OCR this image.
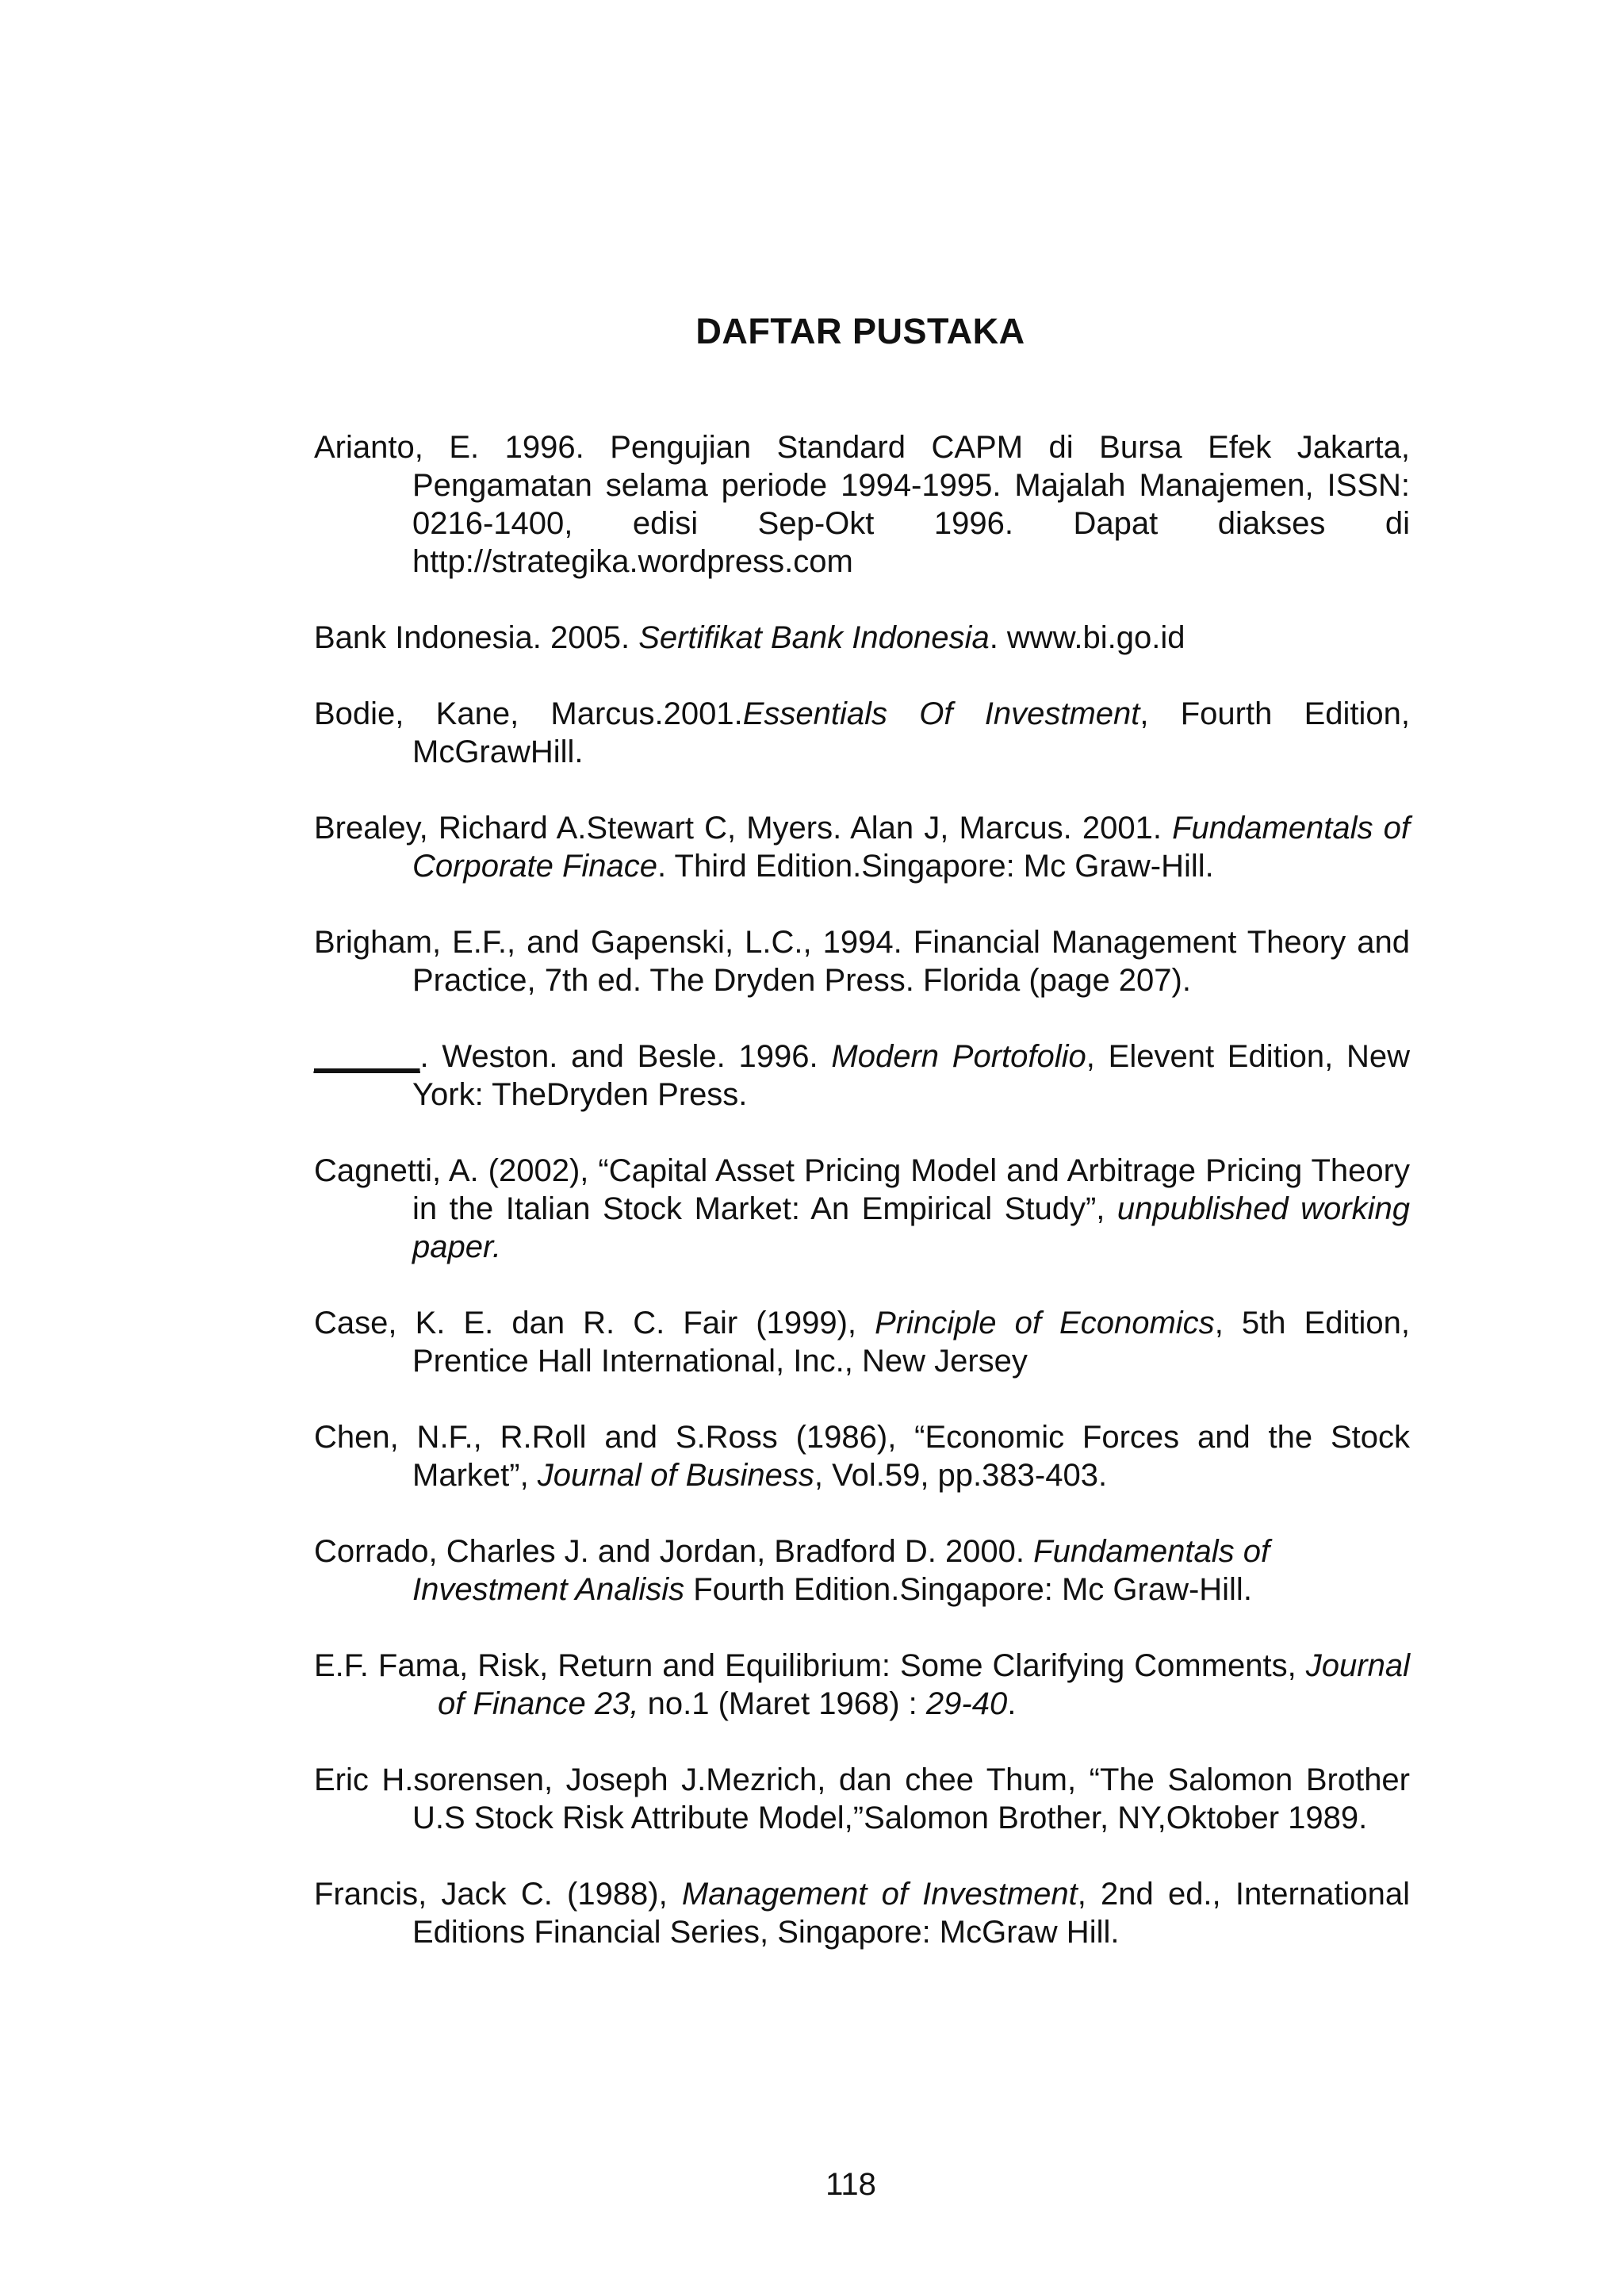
DAFTAR PUSTAKA

Arianto, E. 1996. Pengujian Standard CAPM di Bursa Efek Jakarta, Pengamatan selama periode 1994-1995. Majalah Manajemen, ISSN: 0216-1400, edisi Sep-Okt 1996. Dapat diakses di http://strategika.wordpress.com

Bank Indonesia. 2005. Sertifikat Bank Indonesia. www.bi.go.id

Bodie, Kane, Marcus.2001.Essentials Of Investment, Fourth Edition, McGrawHill.

Brealey, Richard A.Stewart C, Myers. Alan J, Marcus. 2001. Fundamentals of Corporate Finace. Third Edition.Singapore: Mc Graw-Hill.

Brigham, E.F., and Gapenski, L.C., 1994. Financial Management Theory and Practice, 7th ed. The Dryden Press. Florida (page 207).

______. Weston. and Besle. 1996. Modern Portofolio, Elevent Edition, New York: TheDryden Press.

Cagnetti, A. (2002), “Capital Asset Pricing Model and Arbitrage Pricing Theory in the Italian Stock Market: An Empirical Study”, unpublished working paper.

Case, K. E. dan R. C. Fair (1999), Principle of Economics, 5th Edition, Prentice Hall International, Inc., New Jersey

Chen, N.F., R.Roll and S.Ross (1986), “Economic Forces and the Stock Market”, Journal of Business, Vol.59, pp.383-403.

Corrado, Charles J. and Jordan, Bradford D. 2000. Fundamentals of Investment Analisis Fourth Edition.Singapore: Mc Graw-Hill.

E.F. Fama, Risk, Return and Equilibrium: Some Clarifying Comments, Journal of Finance 23, no.1 (Maret 1968) : 29-40.

Eric H.sorensen, Joseph J.Mezrich, dan chee Thum, “The Salomon Brother U.S Stock Risk Attribute Model,”Salomon Brother, NY,Oktober 1989.

Francis, Jack C. (1988), Management of Investment, 2nd ed., International Editions Financial Series, Singapore: McGraw Hill.

118
